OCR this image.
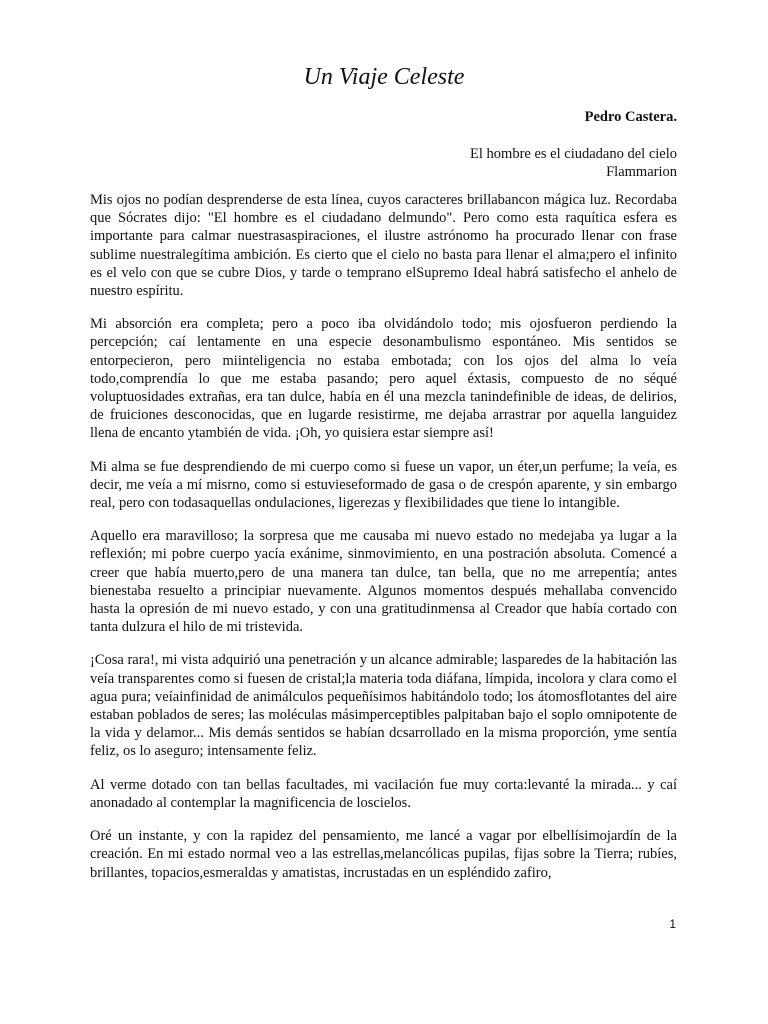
Un Viaje Celeste
Pedro Castera.
El hombre es el ciudadano del cielo
Flammarion

Mis ojos no podían desprenderse de esta línea, cuyos caracteres brillabancon mágica luz. Recordaba que Sócrates dijo: "El hombre es el ciudadano delmundo". Pero como esta raquítica esfera es importante para calmar nuestrasaspiraciones, el ilustre astrónomo ha procurado llenar con frase sublime nuestralegítima ambición. Es cierto que el cielo no basta para llenar el alma;pero el infinito es el velo con que se cubre Dios, y tarde o temprano elSupremo Ideal habrá satisfecho el anhelo de nuestro espíritu.

Mi absorción era completa; pero a poco iba olvidándolo todo; mis ojosfueron perdiendo la percepción; caí lentamente en una especie desonambulismo espontáneo. Mis sentidos se entorpecieron, pero miinteligencia no estaba embotada; con los ojos del alma lo veía todo,comprendía lo que me estaba pasando; pero aquel éxtasis, compuesto de no séqué voluptuosidades extrañas, era tan dulce, había en él una mezcla tanindefinible de ideas, de delirios, de fruiciones desconocidas, que en lugarde resistirme, me dejaba arrastrar por aquella languidez llena de encanto ytambién de vida. ¡Oh, yo quisiera estar siempre así!

Mi alma se fue desprendiendo de mi cuerpo como si fuese un vapor, un éter,un perfume; la veía, es decir, me veía a mí misrno, como si estuvieseformado de gasa o de crespón aparente, y sin embargo real, pero con todasaquellas ondulaciones, ligerezas y flexibilidades que tiene lo intangible.

Aquello era maravilloso; la sorpresa que me causaba mi nuevo estado no medejaba ya lugar a la reflexión; mi pobre cuerpo yacía exánime, sinmovimiento, en una postración absoluta. Comencé a creer que había muerto,pero de una manera tan dulce, tan bella, que no me arrepentía; antes bienestaba resuelto a principiar nuevamente. Algunos momentos después mehallaba convencido hasta la opresión de mi nuevo estado, y con una gratitudinmensa al Creador que había cortado con tanta dulzura el hilo de mi tristevida.

¡Cosa rara!, mi vista adquirió una penetración y un alcance admirable; lasparedes de la habitación las veía transparentes como si fuesen de cristal;la materia toda diáfana, límpida, incolora y clara como el agua pura; veíainfinidad de animálculos pequeñísimos habitándolo todo; los átomosflotantes del aire estaban poblados de seres; las moléculas másimperceptibles palpitaban bajo el soplo omnipotente de la vida y delamor... Mis demás sentidos se habían dcsarrollado en la misma proporción, yme sentía feliz, os lo aseguro; intensamente feliz.

Al verme dotado con tan bellas facultades, mi vacilación fue muy corta:levanté la mirada... y caí anonadado al contemplar la magnificencia de loscielos.

Oré un instante, y con la rapidez del pensamiento, me lancé a vagar por elbellísimojardín de la creación. En mi estado normal veo a las estrellas,melancólicas pupilas, fijas sobre la Tierra; rubíes, brillantes, topacios,esmeraldas y amatistas, incrustadas en un espléndido zafiro,

1
